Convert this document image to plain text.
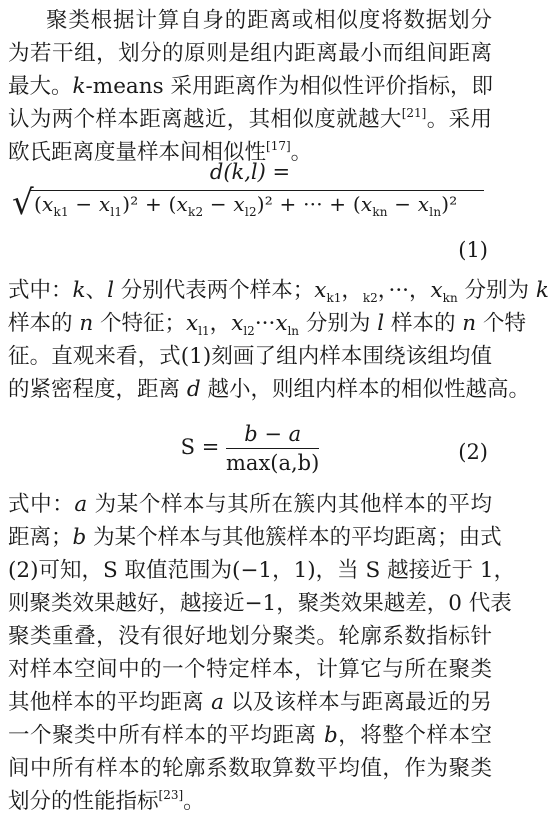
聚类根据计算自身的距离或相似度将数据划分
为若干组，划分的原则是组内距离最小而组间距离
最大。k-means 采用距离作为相似性评价指标，即
认为两个样本距离越近，其相似度就越大[21]。采用
欧氏距离度量样本间相似性[17]。
d(k,l) =
√ $(x_{k1} - x_{l1})^2 + (x_{k2} - x_{l2})^2$ + ··· + $(x_{kn} - x_{ln})^2$
(1)
式中：k、l 分别代表两个样本；$x_{k1}$，$_{k2}$，···，$x_{kn}$ 分别为 k
样本的 n 个特征；$x_{l1}$，$x_{l2}\cdot\cdot\cdot x_{ln}$ 分别为 l 样本的 n 个特
征。直观来看，式(1)刻画了组内样本围绕该组均值
的紧密程度，距离 d 越小，则组内样本的相似性越高。
$S = \frac{b - a}{\max(a,b)}$	(2)
式中：a 为某个样本与其所在簇内其他样本的平均
距离；b 为某个样本与其他簇样本的平均距离；由式
(2)可知，S 取值范围为(−1，1)，当 S 越接近于 1，
则聚类效果越好，越接近−1，聚类效果越差，0 代表
聚类重叠，没有很好地划分聚类。轮廓系数指标针
对样本空间中的一个特定样本，计算它与所在聚类
其他样本的平均距离 a 以及该样本与距离最近的另
一个聚类中所有样本的平均距离 b，将整个样本空
间中所有样本的轮廓系数取算数平均值，作为聚类
划分的性能指标[23]。
